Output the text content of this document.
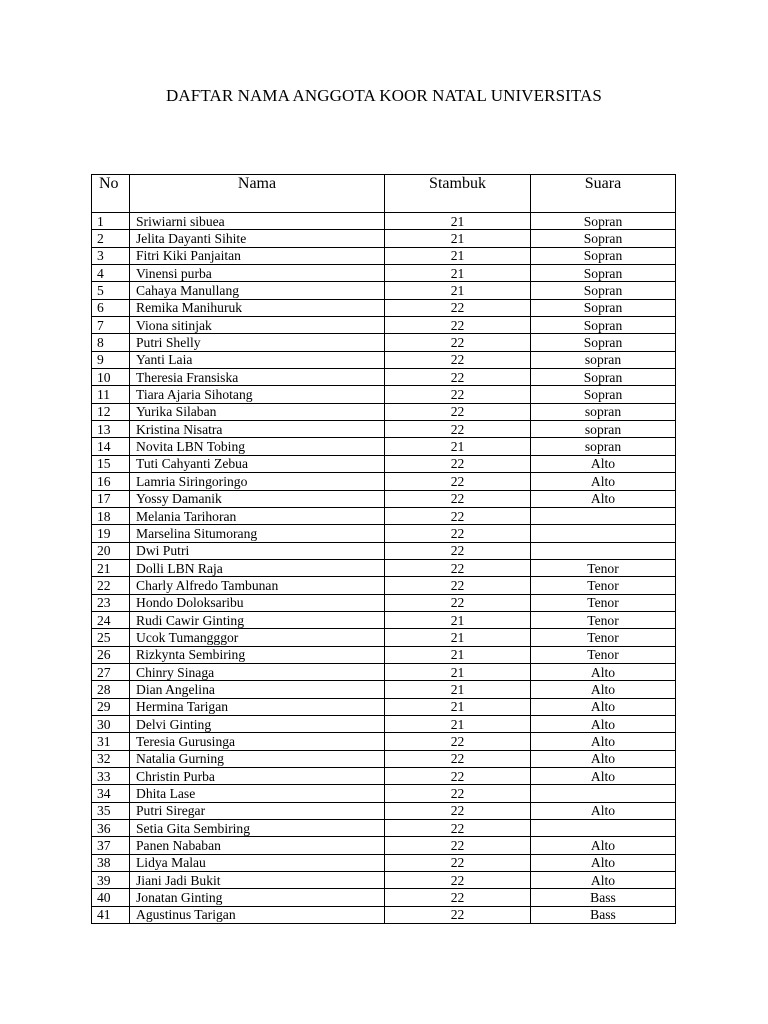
DAFTAR NAMA ANGGOTA KOOR NATAL UNIVERSITAS
No	Nama	Stambuk	Suara
1	Sriwiarni sibuea	21	Sopran
2	Jelita Dayanti Sihite	21	Sopran
3	Fitri Kiki Panjaitan	21	Sopran
4	Vinensi purba	21	Sopran
5	Cahaya Manullang	21	Sopran
6	Remika Manihuruk	22	Sopran
7	Viona sitinjak	22	Sopran
8	Putri Shelly	22	Sopran
9	Yanti Laia	22	sopran
10	Theresia Fransiska	22	Sopran
11	Tiara Ajaria Sihotang	22	Sopran
12	Yurika Silaban	22	sopran
13	Kristina Nisatra	22	sopran
14	Novita LBN Tobing	21	sopran
15	Tuti Cahyanti Zebua	22	Alto
16	Lamria Siringoringo	22	Alto
17	Yossy Damanik	22	Alto
18	Melania Tarihoran	22	
19	Marselina Situmorang	22	
20	Dwi Putri	22	
21	Dolli LBN Raja	22	Tenor
22	Charly Alfredo Tambunan	22	Tenor
23	Hondo Doloksaribu	22	Tenor
24	Rudi Cawir Ginting	21	Tenor
25	Ucok Tumangggor	21	Tenor
26	Rizkynta Sembiring	21	Tenor
27	Chinry Sinaga	21	Alto
28	Dian Angelina	21	Alto
29	Hermina Tarigan	21	Alto
30	Delvi Ginting	21	Alto
31	Teresia Gurusinga	22	Alto
32	Natalia Gurning	22	Alto
33	Christin Purba	22	Alto
34	Dhita Lase	22	
35	Putri Siregar	22	Alto
36	Setia Gita Sembiring	22	
37	Panen Nababan	22	Alto
38	Lidya Malau	22	Alto
39	Jiani Jadi Bukit	22	Alto
40	Jonatan Ginting	22	Bass
41	Agustinus Tarigan	22	Bass
